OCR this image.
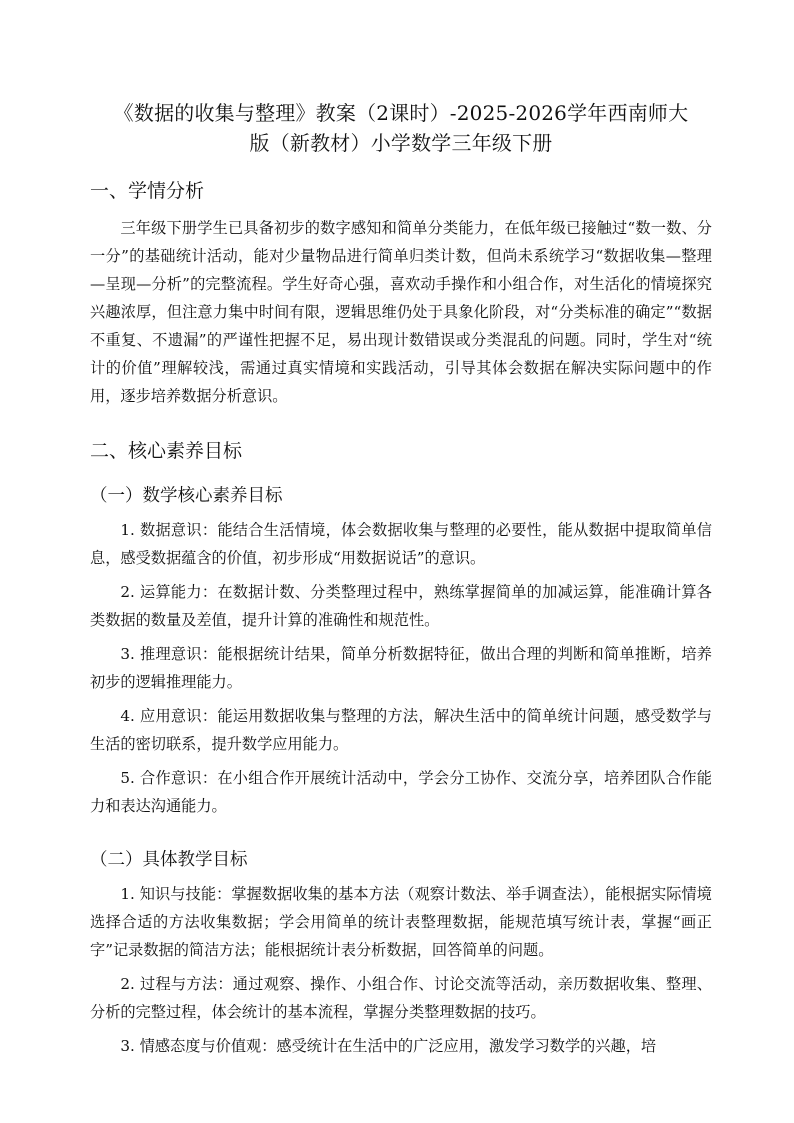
《数据的收集与整理》教案（2课时）-2025-2026学年西南师大
版（新教材）小学数学三年级下册
一、学情分析

三年级下册学生已具备初步的数字感知和简单分类能力，在低年级已接触过“数一数、分一分”的基础统计活动，能对少量物品进行简单归类计数，但尚未系统学习“数据收集—整理—呈现—分析”的完整流程。学生好奇心强，喜欢动手操作和小组合作，对生活化的情境探究兴趣浓厚，但注意力集中时间有限，逻辑思维仍处于具象化阶段，对“分类标准的确定”“数据不重复、不遗漏”的严谨性把握不足，易出现计数错误或分类混乱的问题。同时，学生对“统计的价值”理解较浅，需通过真实情境和实践活动，引导其体会数据在解决实际问题中的作用，逐步培养数据分析意识。

二、核心素养目标
（一）数学核心素养目标

1. 数据意识：能结合生活情境，体会数据收集与整理的必要性，能从数据中提取简单信息，感受数据蕴含的价值，初步形成“用数据说话”的意识。

2. 运算能力：在数据计数、分类整理过程中，熟练掌握简单的加减运算，能准确计算各类数据的数量及差值，提升计算的准确性和规范性。

3. 推理意识：能根据统计结果，简单分析数据特征，做出合理的判断和简单推断，培养初步的逻辑推理能力。

4. 应用意识：能运用数据收集与整理的方法，解决生活中的简单统计问题，感受数学与生活的密切联系，提升数学应用能力。

5. 合作意识：在小组合作开展统计活动中，学会分工协作、交流分享，培养团队合作能力和表达沟通能力。

（二）具体教学目标

1. 知识与技能：掌握数据收集的基本方法（观察计数法、举手调查法），能根据实际情境选择合适的方法收集数据；学会用简单的统计表整理数据，能规范填写统计表，掌握“画正字”记录数据的简洁方法；能根据统计表分析数据，回答简单的问题。

2. 过程与方法：通过观察、操作、小组合作、讨论交流等活动，亲历数据收集、整理、分析的完整过程，体会统计的基本流程，掌握分类整理数据的技巧。

3. 情感态度与价值观：感受统计在生活中的广泛应用，激发学习数学的兴趣，培
